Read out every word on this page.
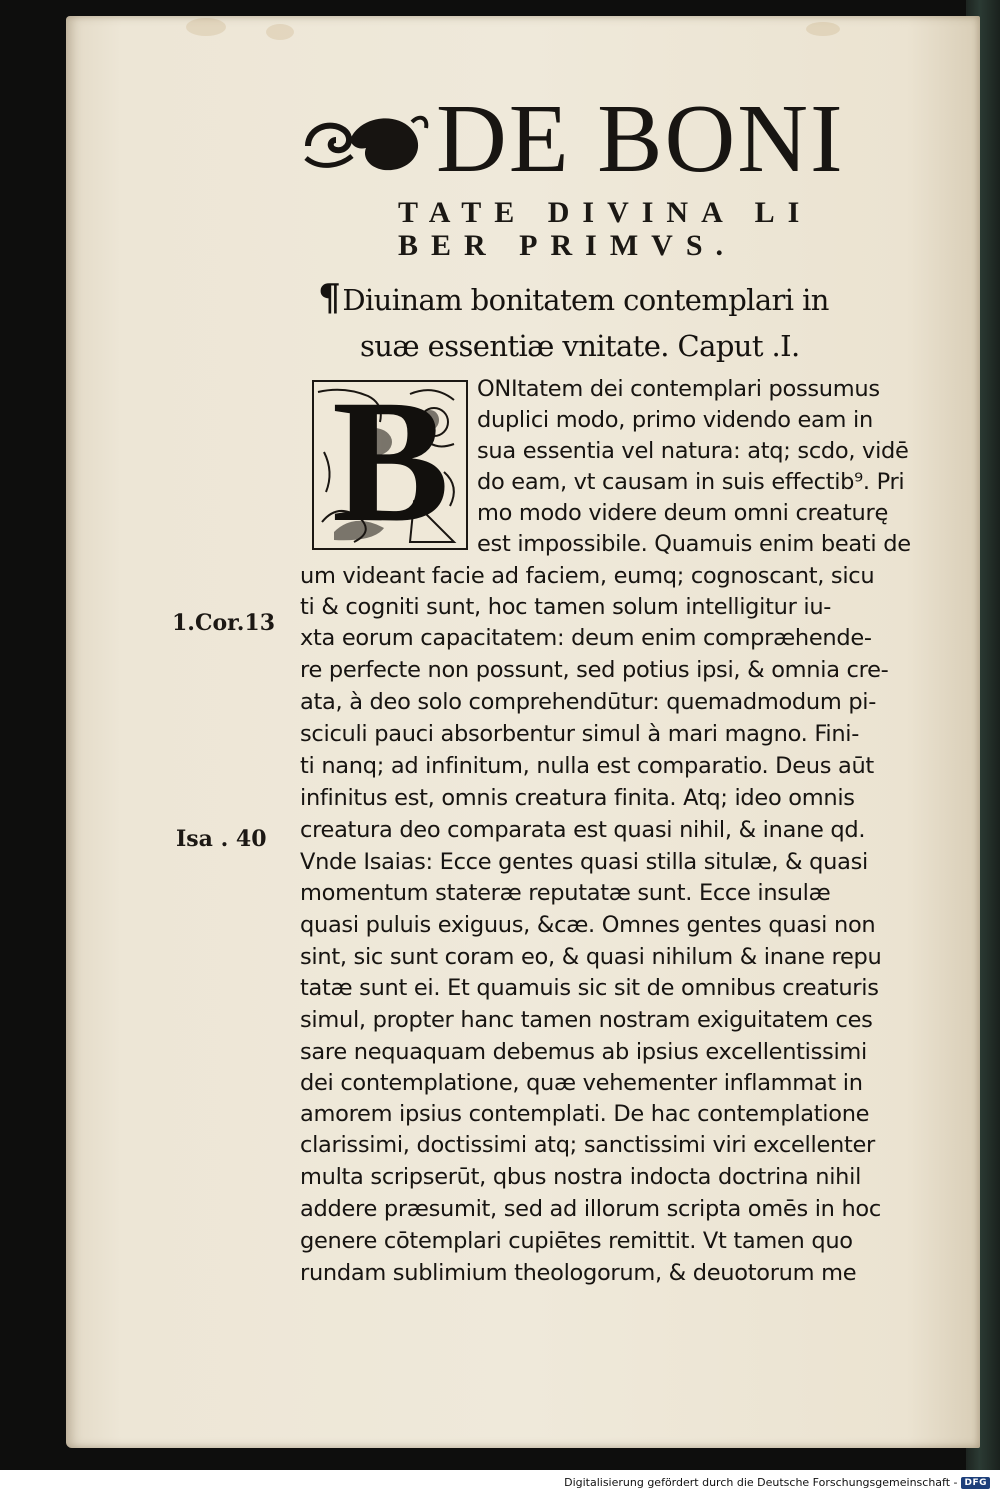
DE BONI
TATE DIVINA LI
BER PRIMVS.
¶Diuinam bonitatem contemplari in
suæ essentiæ vnitate. Caput .I.
B ONItatem dei contemplari possumus
duplici modo, primo videndo eam in
sua essentia vel natura: atq; scdo, vidē
do eam, vt causam in suis effectib⁹. Pri
mo modo videre deum omni creaturę
est impossibile. Quamuis enim beati de
um videant facie ad faciem, eumq; cognoscant, sicu
ti & cogniti sunt, hoc tamen solum intelligitur iu-
xta eorum capacitatem: deum enim compræhende-
re perfecte non possunt, sed potius ipsi, & omnia cre-
ata, à deo solo comprehendūtur: quemadmodum pi-
sciculi pauci absorbentur simul à mari magno. Fini-
ti nanq; ad infinitum, nulla est comparatio. Deus aūt
infinitus est, omnis creatura finita. Atq; ideo omnis
creatura deo comparata est quasi nihil, & inane qd.
Vnde Isaias: Ecce gentes quasi stilla situlæ, & quasi
momentum stateræ reputatæ sunt. Ecce insulæ
quasi puluis exiguus, &cæ. Omnes gentes quasi non
sint, sic sunt coram eo, & quasi nihilum & inane repu
tatæ sunt ei. Et quamuis sic sit de omnibus creaturis
simul, propter hanc tamen nostram exiguitatem ces
sare nequaquam debemus ab ipsius excellentissimi
dei contemplatione, quæ vehementer inflammat in
amorem ipsius contemplati. De hac contemplatione
clarissimi, doctissimi atq; sanctissimi viri excellenter
multa scripserūt, qbus nostra indocta doctrina nihil
addere præsumit, sed ad illorum scripta omēs in hoc
genere cōtemplari cupiētes remittit. Vt tamen quo
rundam sublimium theologorum, & deuotorum me
1.Cor.13
Isa . 40
Digitalisierung gefördert durch die Deutsche Forschungsgemeinschaft - DFG
